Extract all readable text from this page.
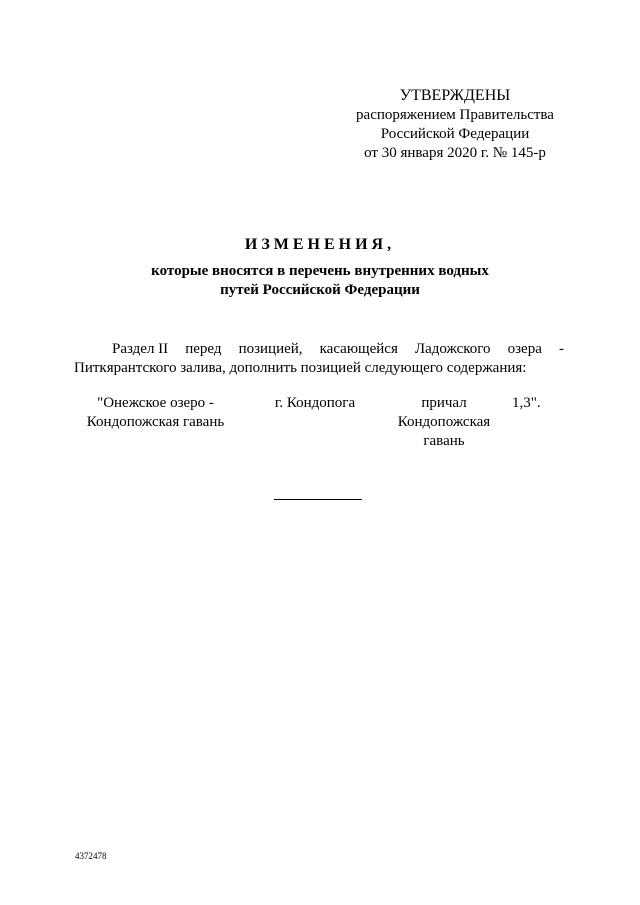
УТВЕРЖДЕНЫ
распоряжением Правительства
Российской Федерации
от 30 января 2020 г. № 145-р
ИЗМЕНЕНИЯ,
которые вносятся в перечень внутренних водных
путей Российской Федерации
Раздел II перед позицией, касающейся Ладожского озера -
Питкярантского залива, дополнить позицией следующего содержания:
"Онежское озеро -
Кондопожская гавань
г. Кондопога	причал
Кондопожская
гавань
1,3".
4372478
